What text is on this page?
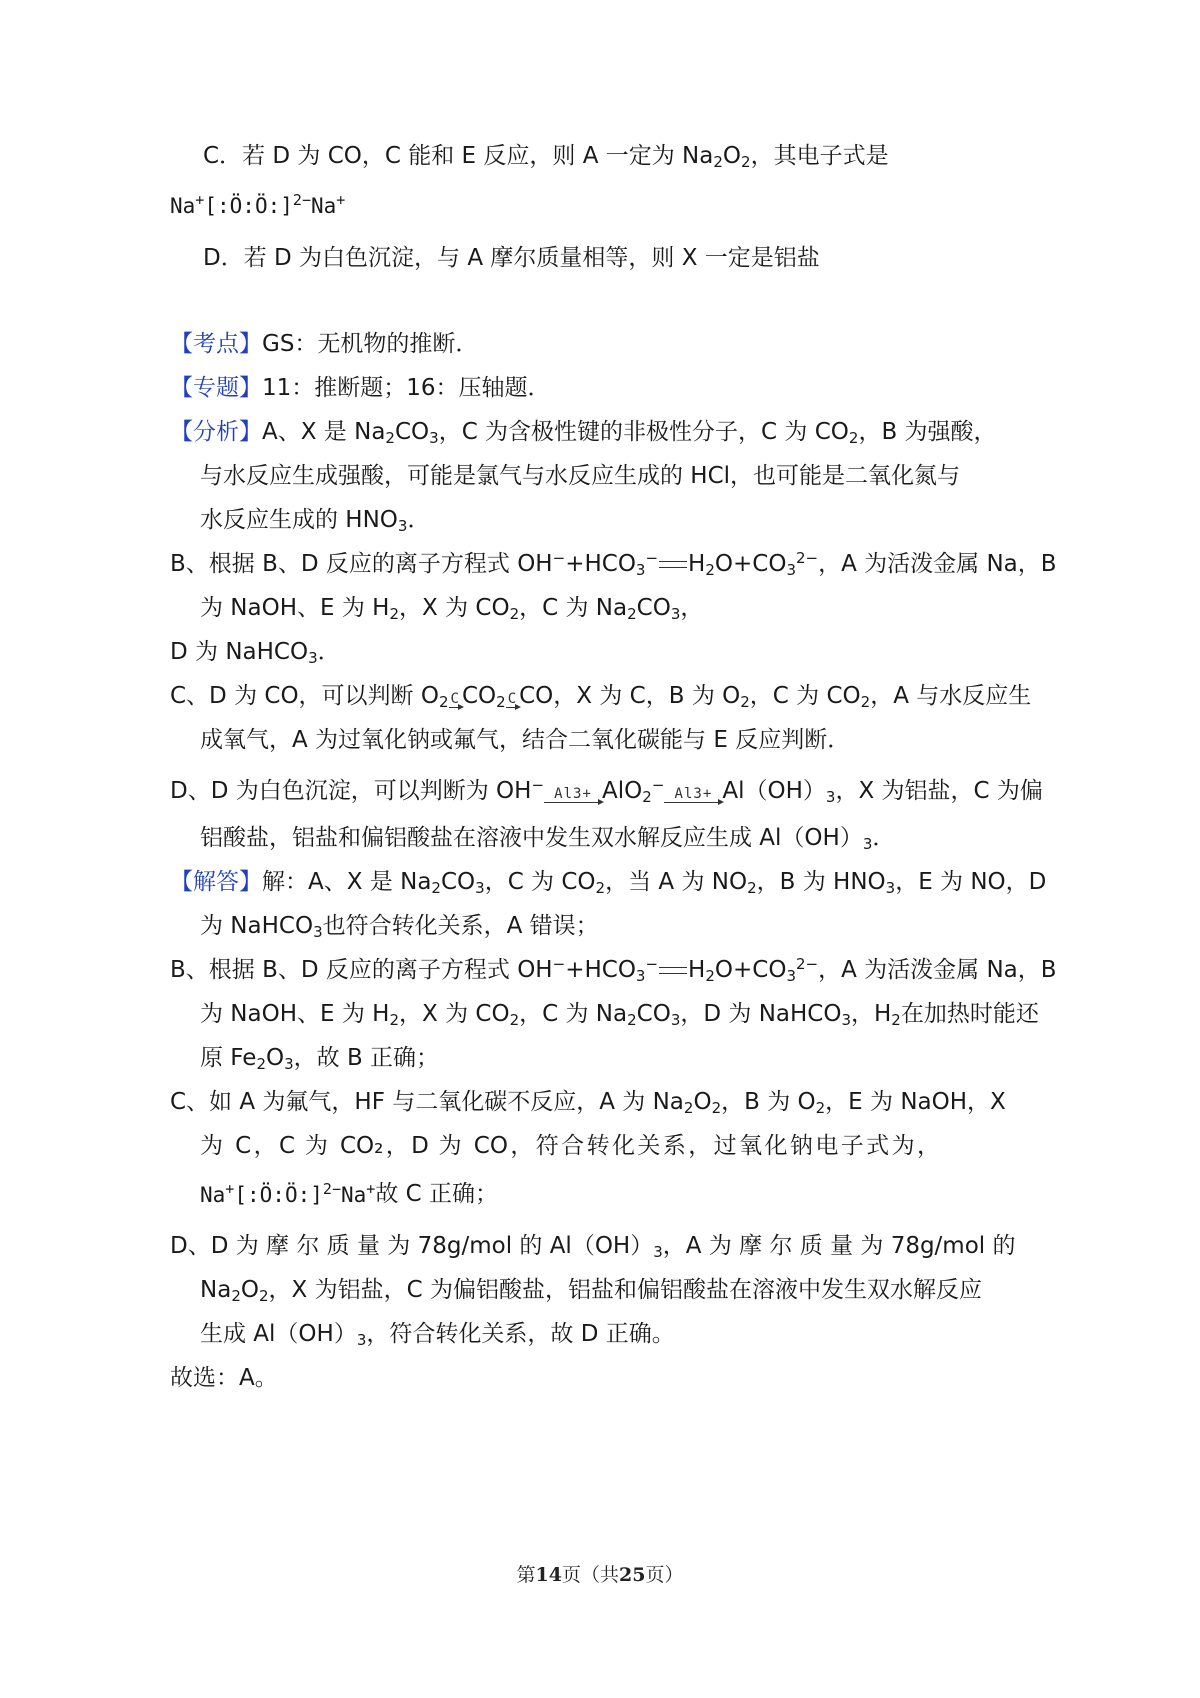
C．若 D 为 CO，C 能和 E 反应，则 A 一定为 $Na_2O_2$，其电子式是
Na+[:Ö:Ö:]$^{2-}$Na+
D．若 D 为白色沉淀，与 A 摩尔质量相等，则 X 一定是铝盐
【考点】GS：无机物的推断．
【专题】11：推断题；16：压轴题．
【分析】A、X 是 $Na_2CO_3$，C 为含极性键的非极性分子，C 为 $CO_2$，B 为强酸，
与水反应生成强酸，可能是氯气与水反应生成的 HCl，也可能是二氧化氮与
水反应生成的 $HNO_3$．
B、根据 B、D 反应的离子方程式 $OH^-+HCO_3^-$ $H_2O+CO_3^{2-}$，A 为活泼金属 Na，B
为 NaOH、E 为 $H_2$，X 为 $CO_2$，C 为 $Na_2CO_3$，
D 为 NaHCO$_3$．
C、D 为 CO，可以判断 $O_2$ C $CO_2$ C CO，X 为 C，B 为 $O_2$，C 为 $CO_2$，A 与水反应生
成氧气，A 为过氧化钠或氟气，结合二氧化碳能与 E 反应判断．
D、D 为白色沉淀，可以判断为 OH− Al3+ AlO$_2$− $Al3+ Al(OH)_3$，X 为铝盐，C 为偏
铝酸盐，铝盐和偏铝酸盐在溶液中发生双水解反应生成 $Al(OH)_3$．
【解答】解：A、X 是 $Na_2CO_3$，C 为 $CO_2$，当 A 为 $NO_2$，B 为 $HNO_3$，E 为 NO，D
为 NaHCO$_3$也符合转化关系，A 错误；
B、根据 B、D 反应的离子方程式 $OH^-+HCO_3^-$ $H_2O+CO_3^{2-}$，A 为活泼金属 Na，B
为 NaOH、E 为 $H_2$，X 为 $CO_2$，C 为 $Na_2CO_3$，D 为 NaHCO$_3$，$H_2$在加热时能还
原 $Fe_2O_3$，故 B 正确；
C、如 A 为氟气，HF 与二氧化碳不反应，A 为 $Na_2O_2$，B 为 $O_2$，E 为 NaOH，X
为 C，C 为 CO₂，D 为 CO，符合转化关系，过氧化钠电子式为，
Na+[:Ö:Ö:]$^{2-}$Na+故 C 正确；
D、D 为 摩 尔 质 量 为 78g/mol 的 $Al(OH)_3$，A 为 摩 尔 质 量 为 78g/mol 的
$Na_2O_2$，X 为铝盐，C 为偏铝酸盐，铝盐和偏铝酸盐在溶液中发生双水解反应
生成 $Al(OH)_3$，符合转化关系，故 D 正确。
故选：A。
第14页（共25页）
